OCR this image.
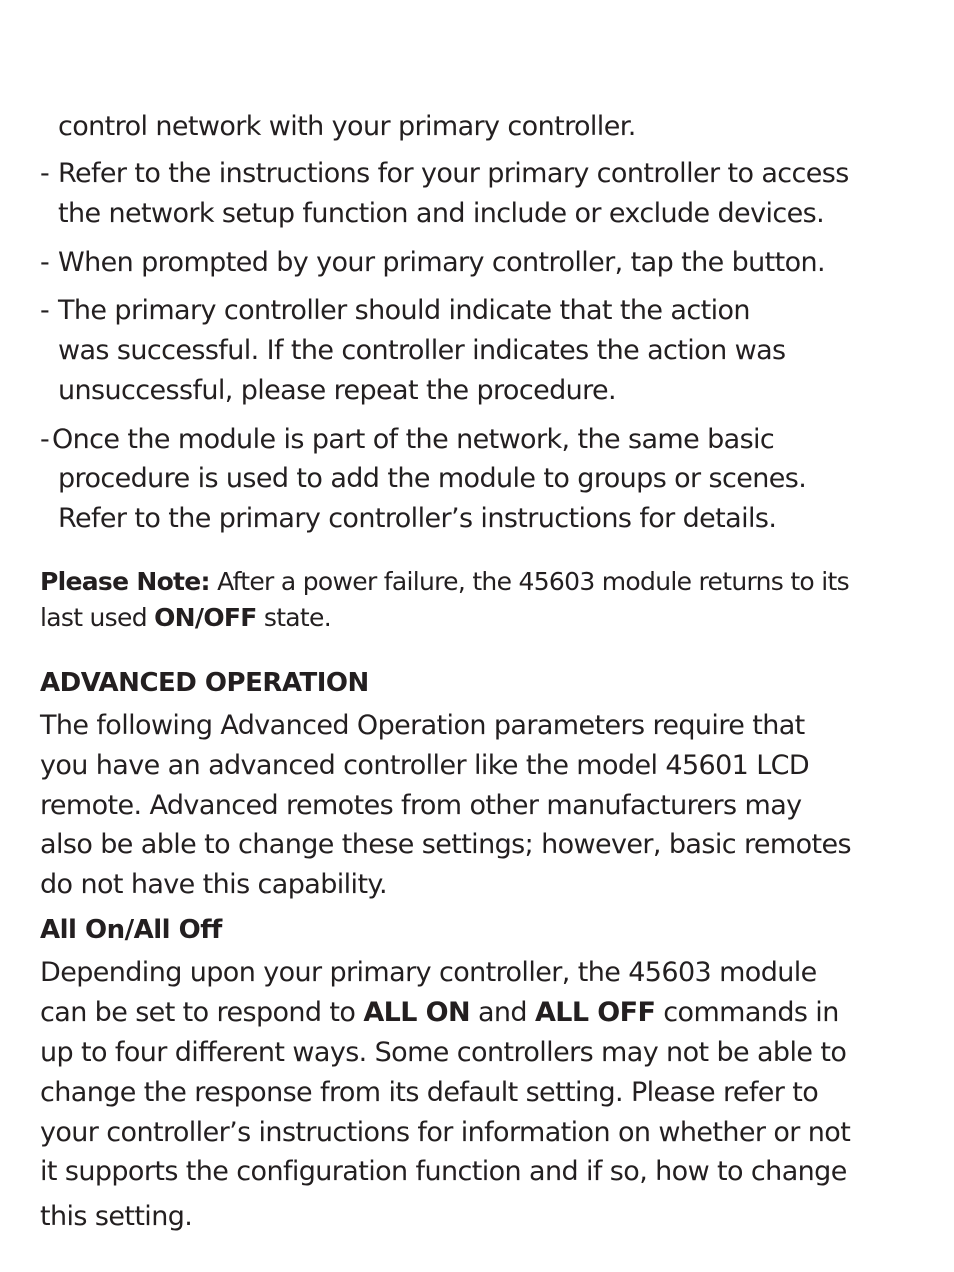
control network with your primary controller.
- Refer to the instructions for your primary controller to access
the network setup function and include or exclude devices.
- When prompted by your primary controller, tap the button.
- The primary controller should indicate that the action
was successful. If the controller indicates the action was
unsuccessful, please repeat the procedure.
- Once the module is part of the network, the same basic
procedure is used to add the module to groups or scenes.
Refer to the primary controller’s instructions for details.
Please Note: After a power failure, the 45603 module returns to its
last used ON/OFF state.
ADVANCED OPERATION
The following Advanced Operation parameters require that
you have an advanced controller like the model 45601 LCD
remote. Advanced remotes from other manufacturers may
also be able to change these settings; however, basic remotes
do not have this capability.
All On/All Off
Depending upon your primary controller, the 45603 module
can be set to respond to ALL ON and ALL OFF commands in
up to four different ways. Some controllers may not be able to
change the response from its default setting. Please refer to
your controller’s instructions for information on whether or not
it supports the configuration function and if so, how to change
this setting.
